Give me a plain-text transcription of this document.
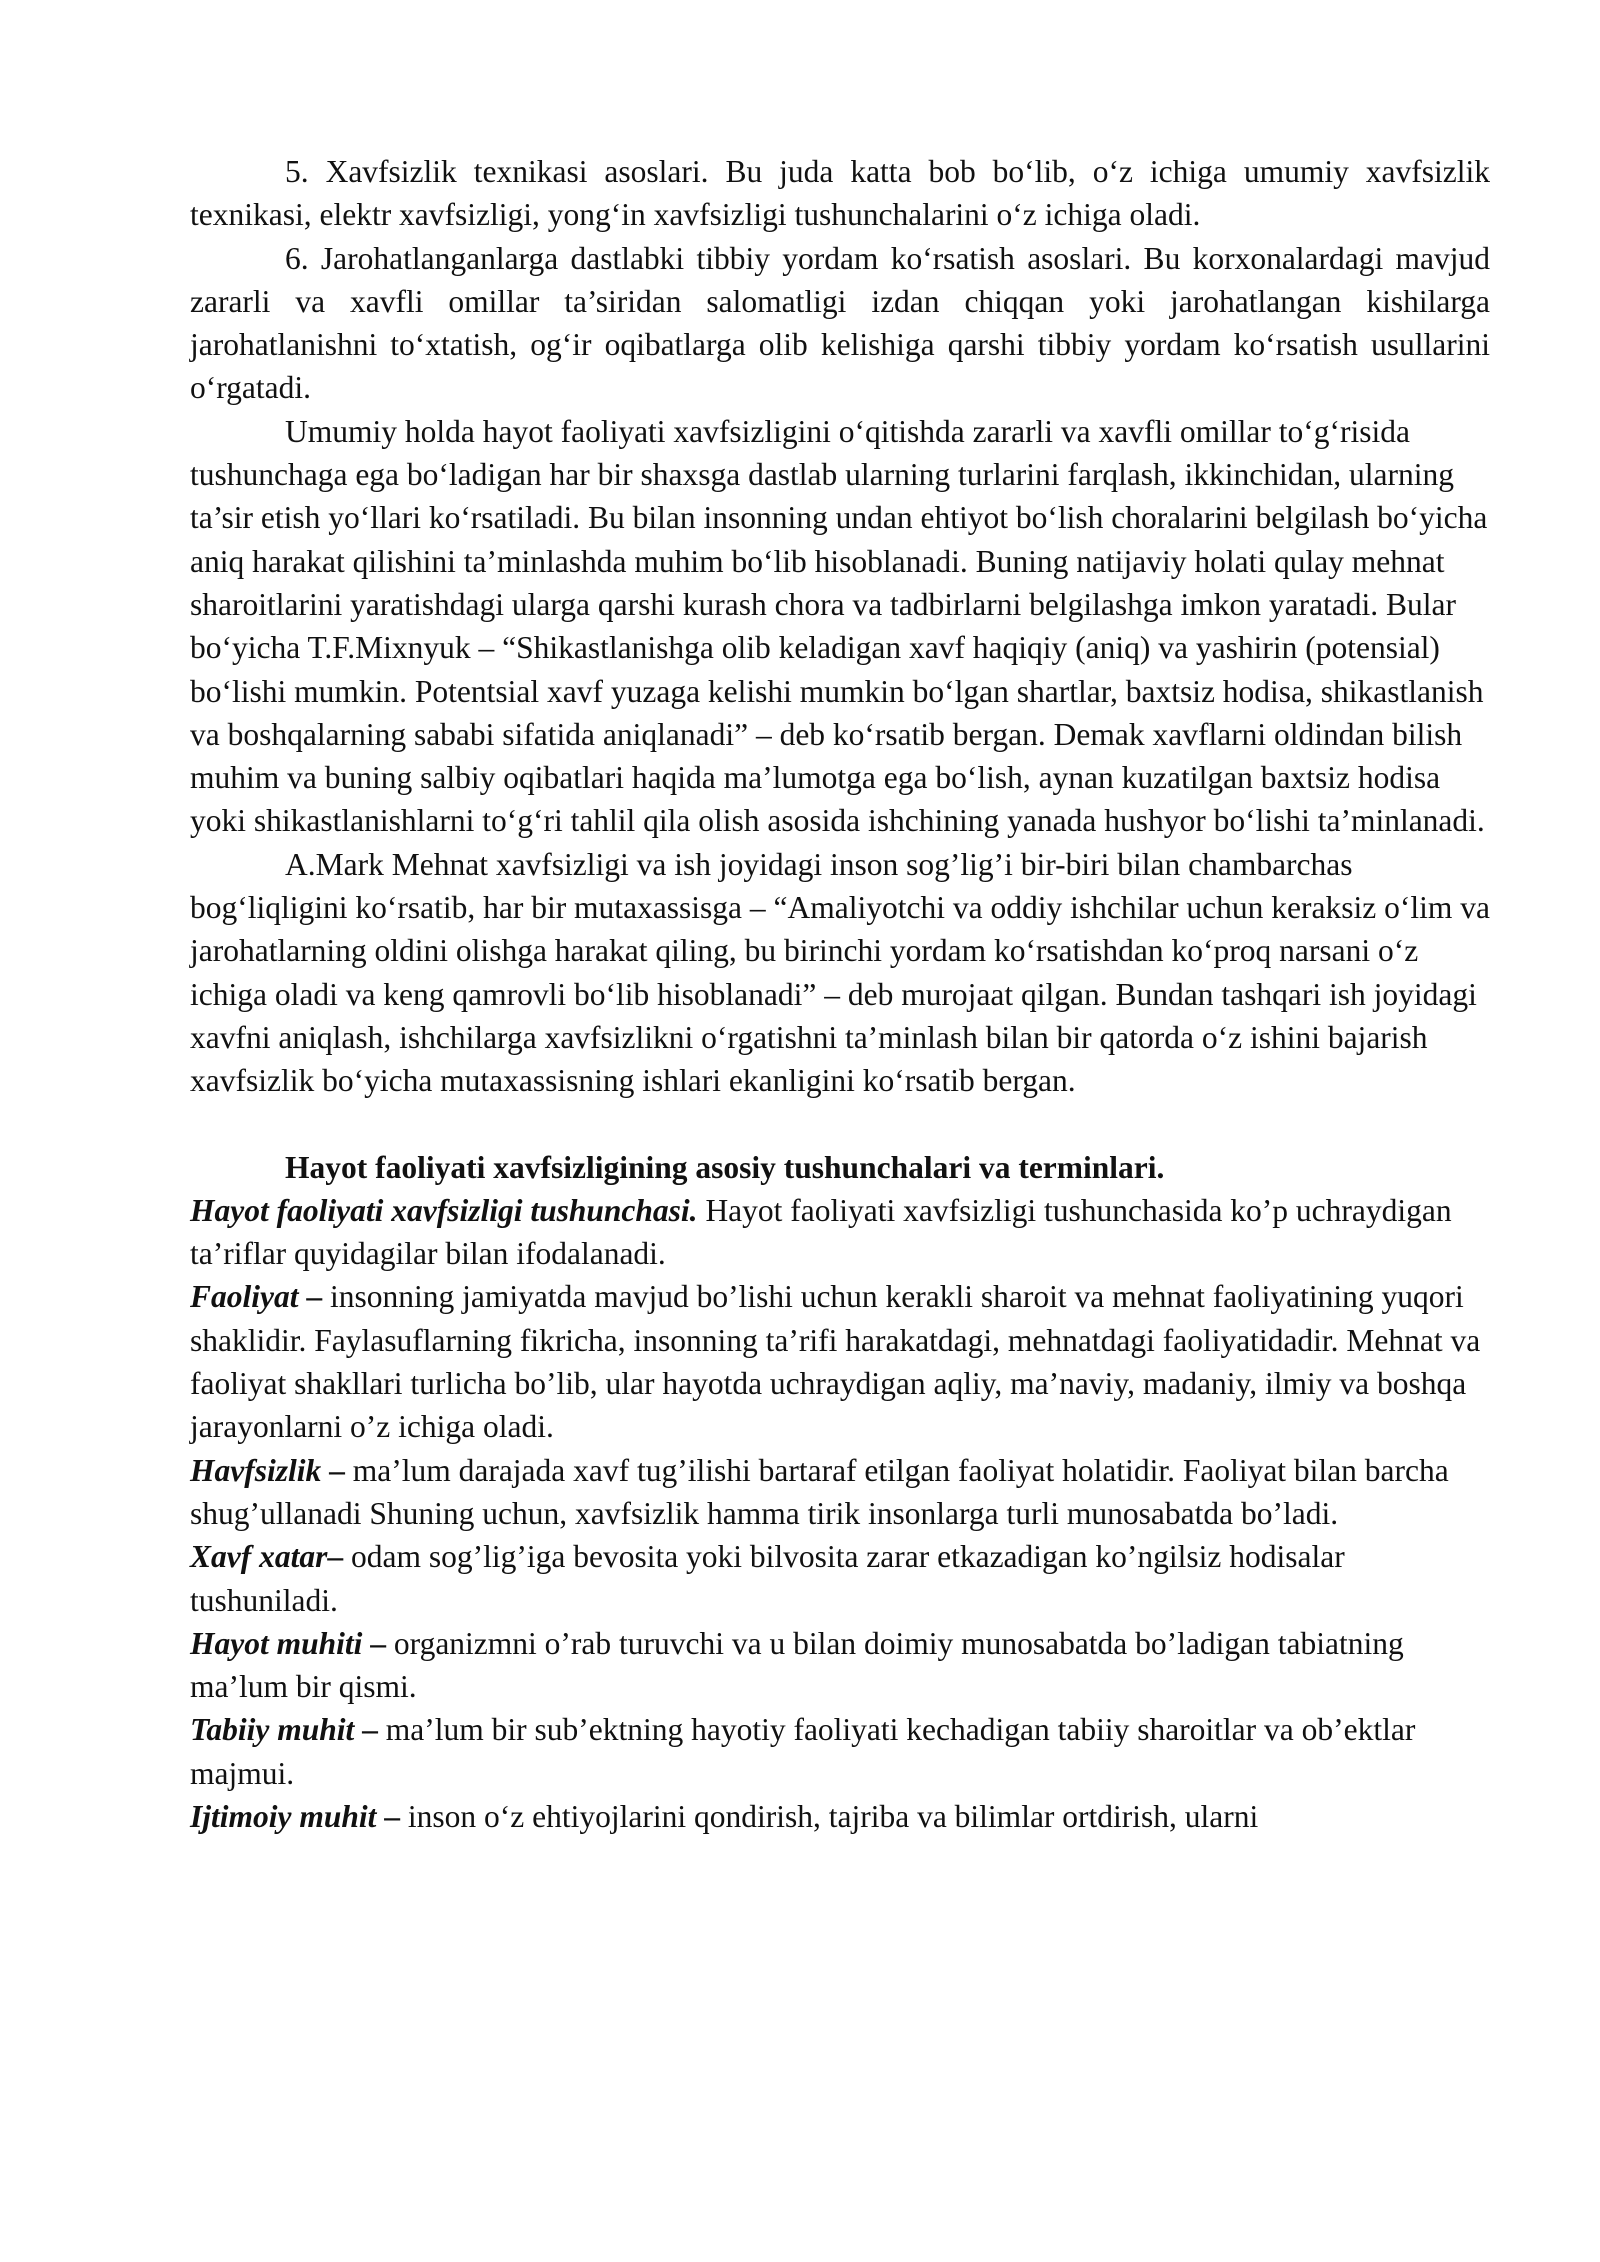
5. Xavfsizlik texnikasi asoslari. Bu juda katta bob bo‘lib, o‘z ichiga umumiy xavfsizlik texnikasi, elektr xavfsizligi, yong‘in xavfsizligi tushunchalarini o‘z ichiga oladi.

6. Jarohatlanganlarga dastlabki tibbiy yordam ko‘rsatish asoslari. Bu korxonalardagi mavjud zararli va xavfli omillar ta’siridan salomatligi izdan chiqqan yoki jarohatlangan kishilarga jarohatlanishni to‘xtatish, og‘ir oqibatlarga olib kelishiga qarshi tibbiy yordam ko‘rsatish usullarini o‘rgatadi.

Umumiy holda hayot faoliyati xavfsizligini o‘qitishda zararli va xavfli omillar to‘g‘risida tushunchaga ega bo‘ladigan har bir shaxsga dastlab ularning turlarini farqlash, ikkinchidan, ularning ta’sir etish yo‘llari ko‘rsatiladi. Bu bilan insonning undan ehtiyot bo‘lish choralarini belgilash bo‘yicha aniq harakat qilishini ta’minlashda muhim bo‘lib hisoblanadi. Buning natijaviy holati qulay mehnat sharoitlarini yaratishdagi ularga qarshi kurash chora va tadbirlarni belgilashga imkon yaratadi. Bular bo‘yicha T.F.Mixnyuk – “Shikastlanishga olib keladigan xavf haqiqiy (aniq) va yashirin (potensial) bo‘lishi mumkin. Potentsial xavf yuzaga kelishi mumkin bo‘lgan shartlar, baxtsiz hodisa, shikastlanish va boshqalarning sababi sifatida aniqlanadi” – deb ko‘rsatib bergan. Demak xavflarni oldindan bilish muhim va buning salbiy oqibatlari haqida ma’lumotga ega bo‘lish, aynan kuzatilgan baxtsiz hodisa yoki shikastlanishlarni to‘g‘ri tahlil qila olish asosida ishchining yanada hushyor bo‘lishi ta’minlanadi.

A.Mark Mehnat xavfsizligi va ish joyidagi inson sog’lig’i bir-biri bilan chambarchas bog‘liqligini ko‘rsatib, har bir mutaxassisga – “Amaliyotchi va oddiy ishchilar uchun keraksiz o‘lim va jarohatlarning oldini olishga harakat qiling, bu birinchi yordam ko‘rsatishdan ko‘proq narsani o‘z ichiga oladi va keng qamrovli bo‘lib hisoblanadi” – deb murojaat qilgan. Bundan tashqari ish joyidagi xavfni aniqlash, ishchilarga xavfsizlikni o‘rgatishni ta’minlash bilan bir qatorda o‘z ishini bajarish xavfsizlik bo‘yicha mutaxassisning ishlari ekanligini ko‘rsatib bergan.

Hayot faoliyati xavfsizligining asosiy tushunchalari va terminlari.

Hayot faoliyati xavfsizligi tushunchasi. Hayot faoliyati xavfsizligi tushunchasida ko’p uchraydigan ta’riflar quyidagilar bilan ifodalanadi.

Faoliyat – insonning jamiyatda mavjud bo’lishi uchun kerakli sharoit va mehnat faoliyatining yuqori shaklidir. Faylasuflarning fikricha, insonning ta’rifi harakatdagi, mehnatdagi faoliyatidadir. Mehnat va faoliyat shakllari turlicha bo’lib, ular hayotda uchraydigan aqliy, ma’naviy, madaniy, ilmiy va boshqa jarayonlarni o’z ichiga oladi.

Havfsizlik – ma’lum darajada xavf tug’ilishi bartaraf etilgan faoliyat holatidir. Faoliyat bilan barcha shug’ullanadi Shuning uchun, xavfsizlik hamma tirik insonlarga turli munosabatda bo’ladi.

Xavf xatar– odam sog’lig’iga bevosita yoki bilvosita zarar etkazadigan ko’ngilsiz hodisalar tushuniladi.

Hayot muhiti – organizmni o’rab turuvchi va u bilan doimiy munosabatda bo’ladigan tabiatning ma’lum bir qismi.

Tabiiy muhit – ma’lum bir sub’ektning hayotiy faoliyati kechadigan tabiiy sharoitlar va ob’ektlar majmui.

Ijtimoiy muhit – inson o‘z ehtiyojlarini qondirish, tajriba va bilimlar ortdirish, ularni
